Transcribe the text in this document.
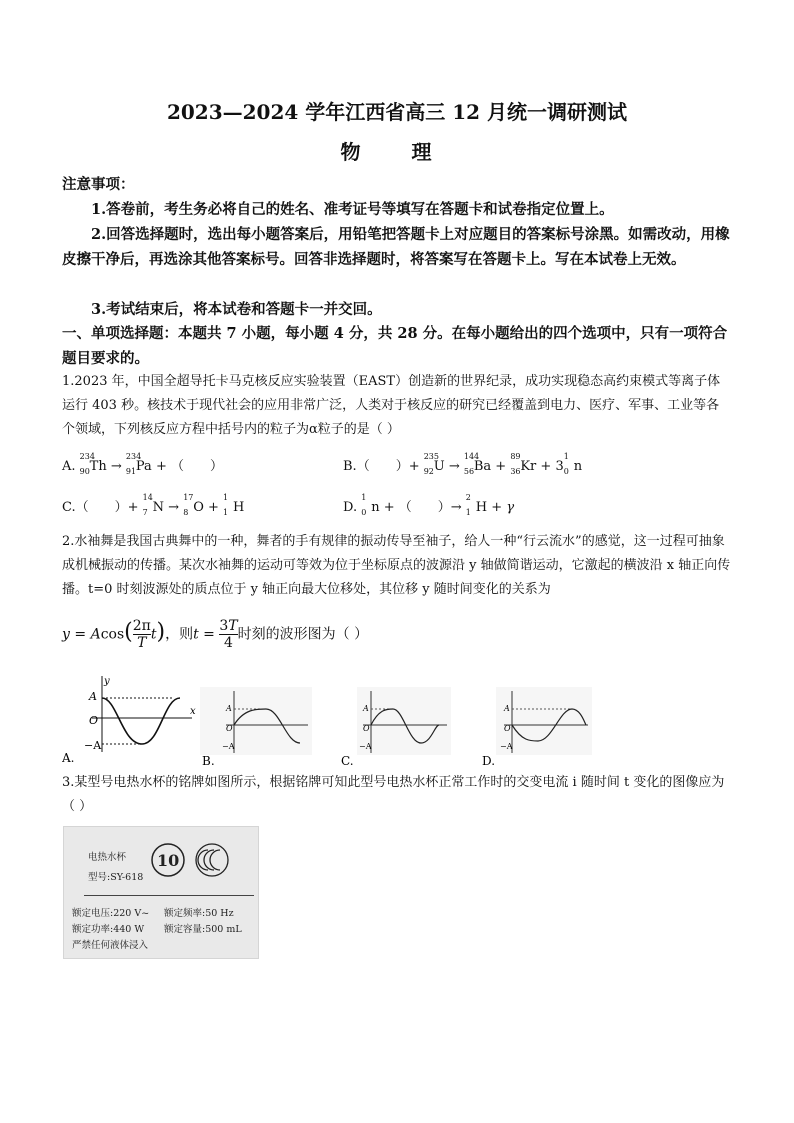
2023—2024 学年江西省高三 12 月统一调研测试
物 理
注意事项：
1.答卷前，考生务必将自己的姓名、准考证号等填写在答题卡和试卷指定位置上。
2.回答选择题时，选出每小题答案后，用铅笔把答题卡上对应题目的答案标号涂黑。如需改动，用橡皮擦干净后，再选涂其他答案标号。回答非选择题时，将答案写在答题卡上。写在本试卷上无效。
3.考试结束后，将本试卷和答题卡一并交回。
一、单项选择题：本题共 7 小题，每小题 4 分，共 28 分。在每小题给出的四个选项中，只有一项符合题目要求的。
1.2023 年，中国全超导托卡马克核反应实验装置（EAST）创造新的世界纪录，成功实现稳态高约束模式等离子体运行 403 秒。核技术于现代社会的应用非常广泛，人类对于核反应的研究已经覆盖到电力、医疗、军事、工业等各个领域，下列核反应方程中括号内的粒子为α粒子的是（ ）
A.
234
90 Th →
234
91 Pa + （　　）	B.（　　）+
235
92 U →
144
56 Ba +
89
36 Kr + 3
1
0 n
C.（　　）+
14
7 N →
17
8 O +
1
1 H	D.
1
0 n + （　　）→
2
1 H + γ
2.水袖舞是我国古典舞中的一种，舞者的手有规律的振动传导至袖子，给人一种“行云流水”的感觉，这一过程可抽象成机械振动的传播。某次水袖舞的运动可等效为位于坐标原点的波源沿 y 轴做简谐运动，它激起的横波沿 x 轴正向传播。t=0 时刻波源处的质点位于 y 轴正向最大位移处，其位移 y 随时间变化的关系为
$y = Acos( \frac{2\pi}{T} t)$，则$t = \frac{3T}{4}$ 时刻的波形图为（ ）
y
x
A
O
−A
A.
A
O
−A
B.
A
O
−A
C.
A
O
−A
D.
3.某型号电热水杯的铭牌如图所示，根据铭牌可知此型号电热水杯正常工作时的交变电流 i 随时间 t 变化的图像应为（ ）
电热水杯
型号:SY-618
10
额定电压:220 V~ 额定频率:50 Hz
额定功率:440 W 额定容量:500 mL
严禁任何液体浸入
